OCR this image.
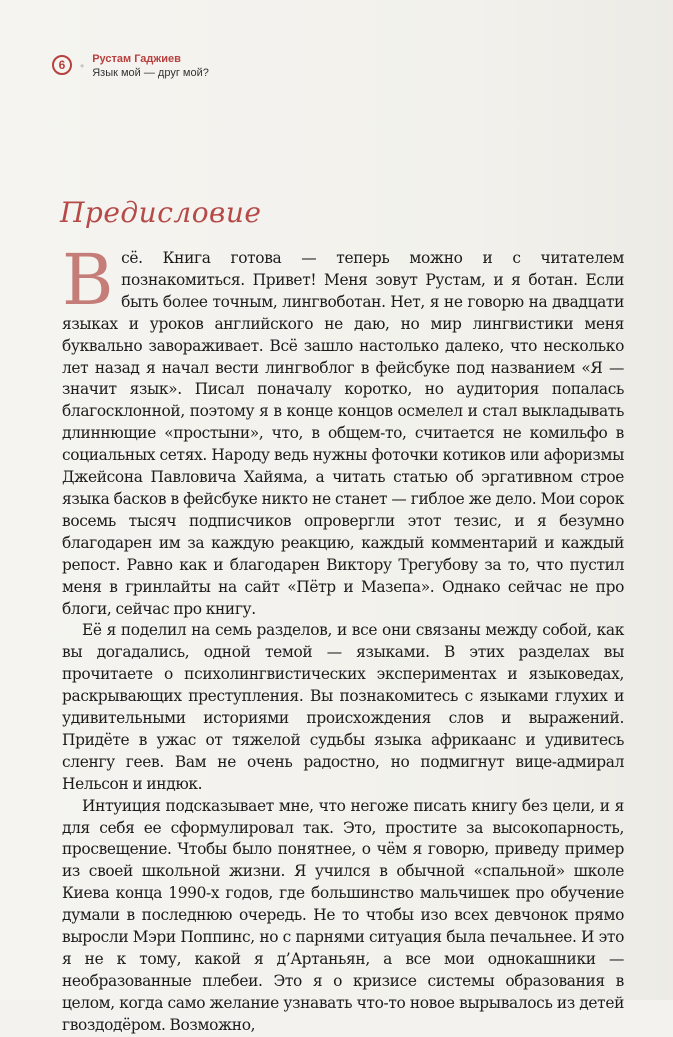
6	• Рустам Гаджиев
Язык мой — друг мой?
Предисловие

Всё. Книга готова — теперь можно и с читателем познакомиться. Привет! Меня зовут Рустам, и я ботан. Если быть более точным, лингвоботан. Нет, я не говорю на двадцати языках и уроков английского не даю, но мир лингвистики меня буквально завораживает. Всё зашло настолько далеко, что несколько лет назад я начал вести лингвоблог в фейсбуке под названием «Я — значит язык». Писал поначалу коротко, но аудитория попалась благосклонной, поэтому я в конце концов осмелел и стал выкладывать длиннющие «простыни», что, в общем-то, считается не комильфо в социальных сетях. Народу ведь нужны фоточки котиков или афоризмы Джейсона Павловича Хайяма, а читать статью об эргативном строе языка басков в фейсбуке никто не станет — гиблое же дело. Мои сорок восемь тысяч подписчиков опровергли этот тезис, и я безумно благодарен им за каждую реакцию, каждый комментарий и каждый репост. Равно как и благодарен Виктору Трегубову за то, что пустил меня в гринлайты на сайт «Пётр и Мазепа». Однако сейчас не про блоги, сейчас про книгу.

Её я поделил на семь разделов, и все они связаны между собой, как вы догадались, одной темой — языками. В этих разделах вы прочитаете о психолингвистических экспериментах и языковедах, раскрывающих преступления. Вы познакомитесь с языками глухих и удивительными историями происхождения слов и выражений. Придёте в ужас от тяжелой судьбы языка африкаанс и удивитесь сленгу геев. Вам не очень радостно, но подмигнут вице-адмирал Нельсон и индюк.

Интуиция подсказывает мне, что негоже писать книгу без цели, и я для себя ее сформулировал так. Это, простите за высокопарность, просвещение. Чтобы было понятнее, о чём я говорю, приведу пример из своей школьной жизни. Я учился в обычной «спальной» школе Киева конца 1990-х годов, где большинство мальчишек про обучение думали в последнюю очередь. Не то чтобы изо всех девчонок прямо выросли Мэри Поппинс, но с парнями ситуация была печальнее. И это я не к тому, какой я д’Артаньян, а все мои однокашники — необразованные плебеи. Это я о кризисе системы образования в целом, когда само желание узнавать что-то новое вырывалось из детей гвоздодёром. Возможно,
